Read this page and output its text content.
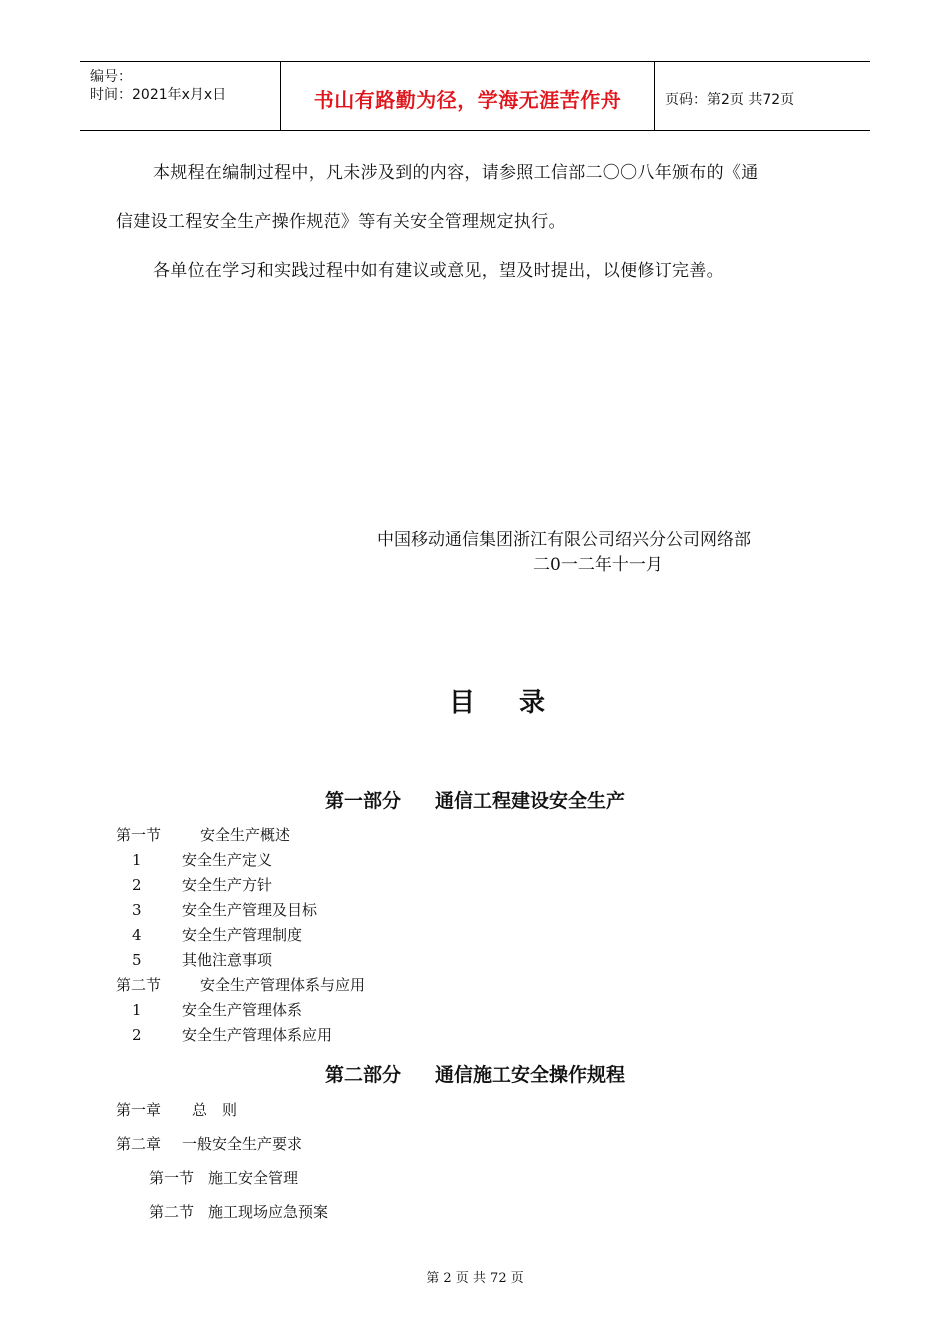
编号：
时间：2021年x月x日	书山有路勤为径，学海无涯苦作舟	页码：第2页 共72页
本规程在编制过程中，凡未涉及到的内容，请参照工信部二〇〇八年颁布的《通
信建设工程安全生产操作规范》等有关安全管理规定执行。
各单位在学习和实践过程中如有建议或意见，望及时提出，以便修订完善。
中国移动通信集团浙江有限公司绍兴分公司网络部
二0一二年十一月
目录
第一部分 通信工程建设安全生产
第一节	安全生产概述
1	安全生产定义
2	安全生产方针
3	安全生产管理及目标
4	安全生产管理制度
5	其他注意事项
第二节	安全生产管理体系与应用
1	安全生产管理体系
2	安全生产管理体系应用
第二部分 通信施工安全操作规程
第一章 总　则
第二章 一般安全生产要求
第一节 施工安全管理
第二节 施工现场应急预案
第 2 页 共 72 页
